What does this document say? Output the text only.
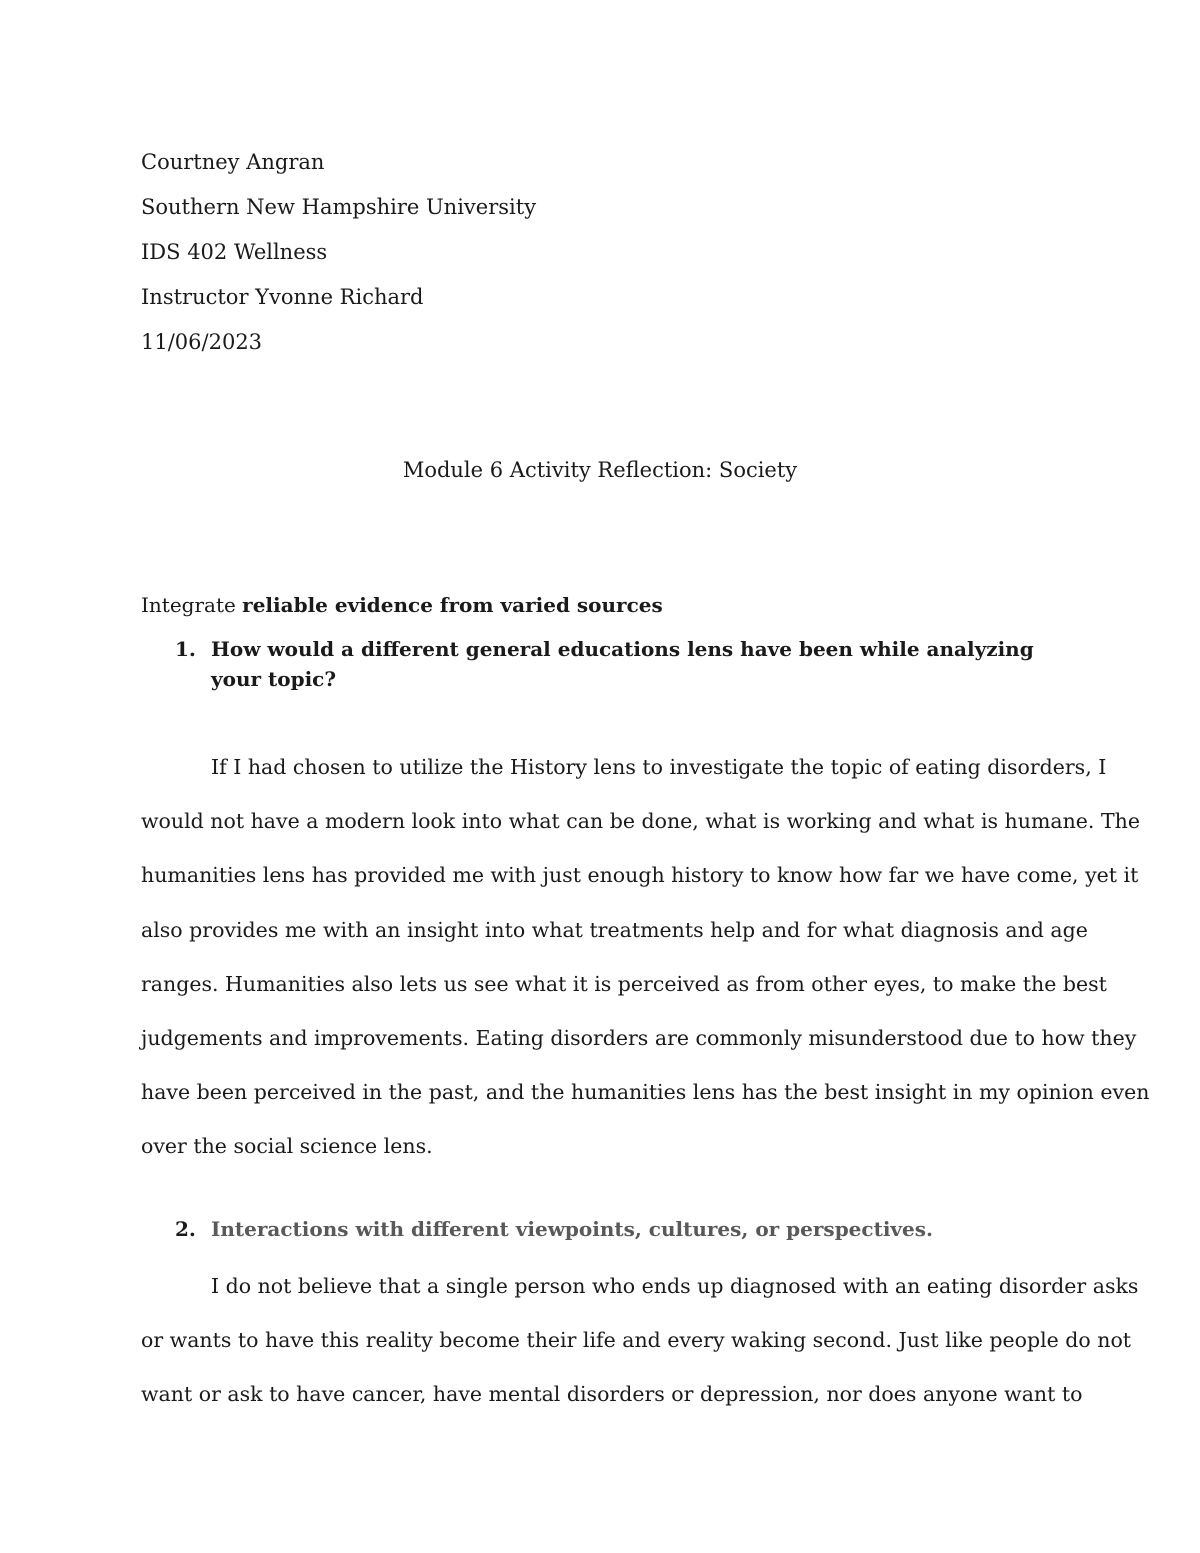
Courtney Angran
Southern New Hampshire University
IDS 402 Wellness
Instructor Yvonne Richard
11/06/2023
Module 6 Activity Reflection: Society
Integrate reliable evidence from varied sources
1. How would a different general educations lens have been while analyzing your topic?
If I had chosen to utilize the History lens to investigate the topic of eating disorders, I
would not have a modern look into what can be done, what is working and what is humane. The
humanities lens has provided me with just enough history to know how far we have come, yet it
also provides me with an insight into what treatments help and for what diagnosis and age
ranges. Humanities also lets us see what it is perceived as from other eyes, to make the best
judgements and improvements. Eating disorders are commonly misunderstood due to how they
have been perceived in the past, and the humanities lens has the best insight in my opinion even
over the social science lens.
2. Interactions with different viewpoints, cultures, or perspectives.
I do not believe that a single person who ends up diagnosed with an eating disorder asks
or wants to have this reality become their life and every waking second. Just like people do not
want or ask to have cancer, have mental disorders or depression, nor does anyone want to
